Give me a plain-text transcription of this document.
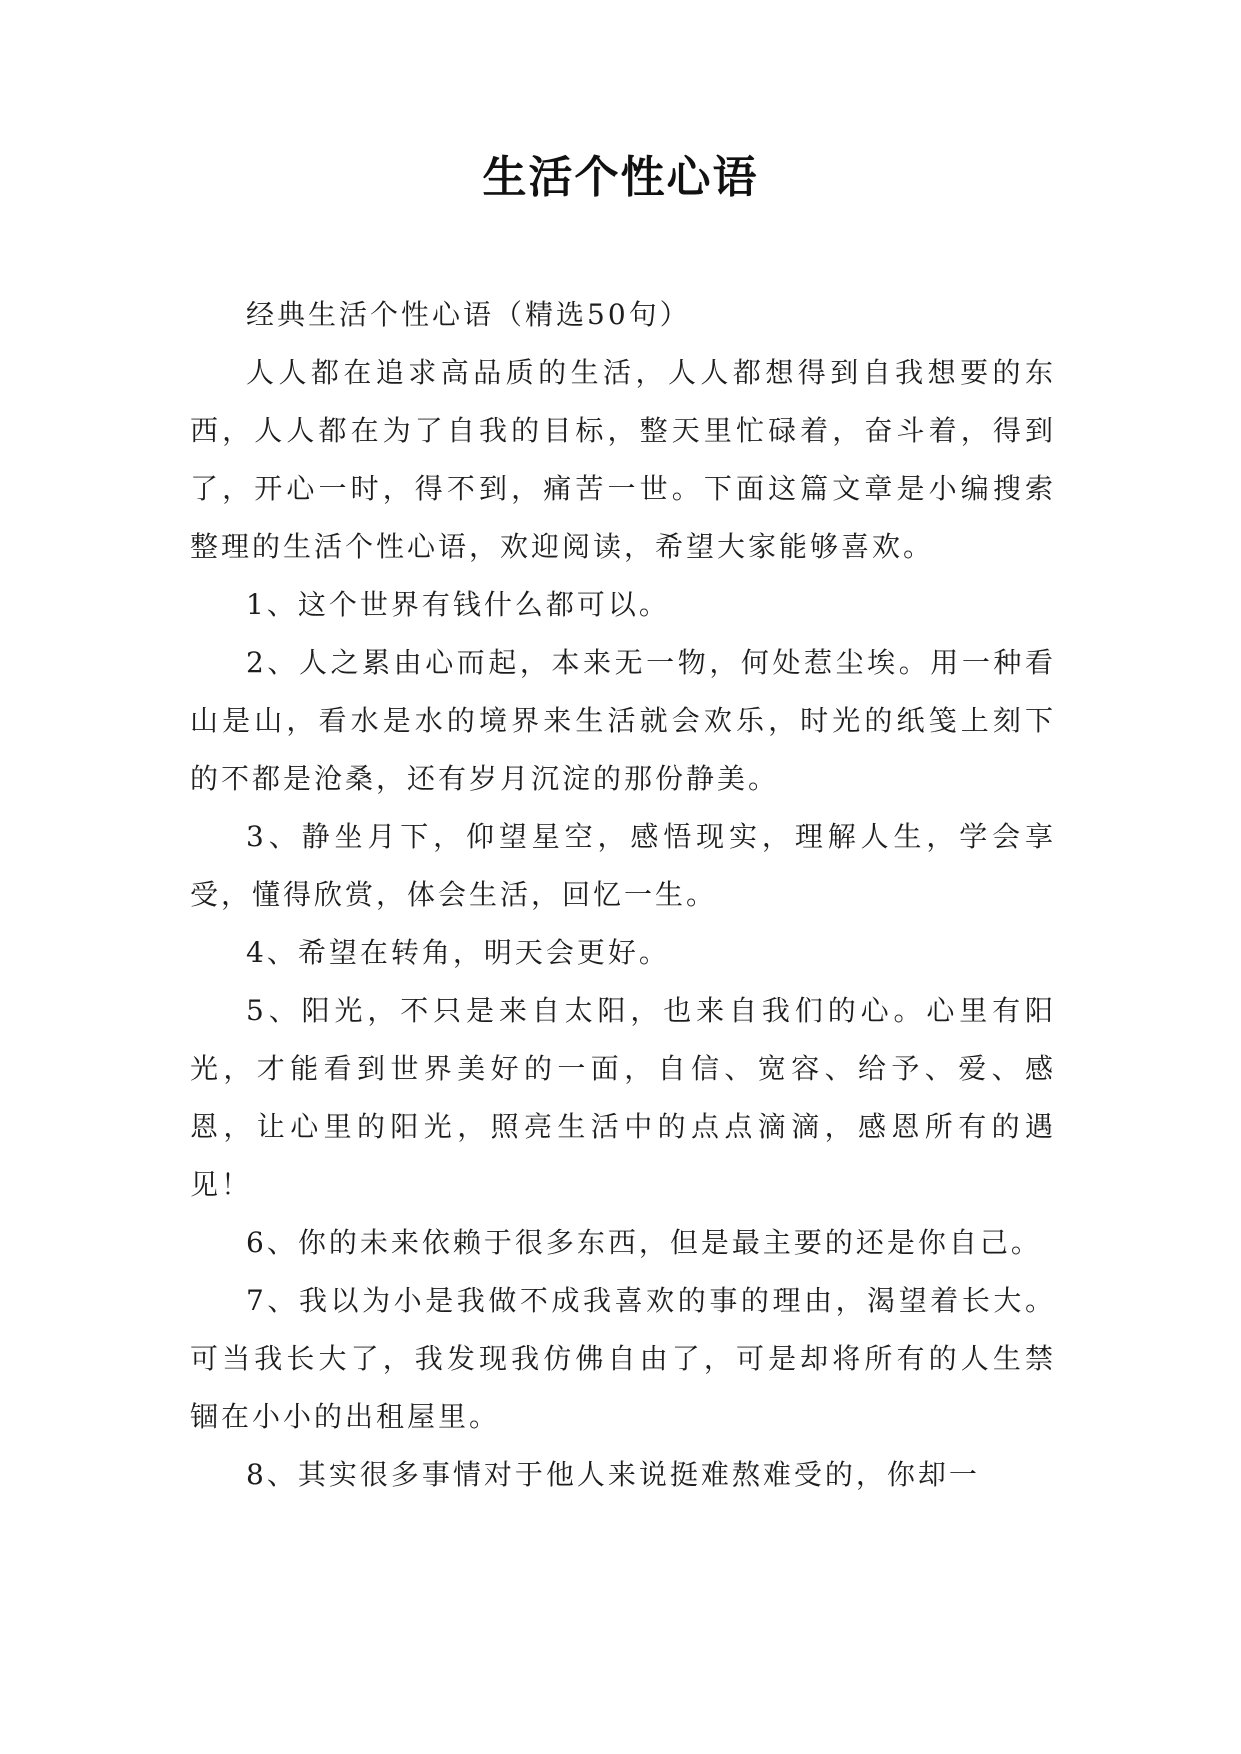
生活个性心语

经典生活个性心语（精选50句）

人人都在追求高品质的生活，人人都想得到自我想要的东西，人人都在为了自我的目标，整天里忙碌着，奋斗着，得到了，开心一时，得不到，痛苦一世。下面这篇文章是小编搜索整理的生活个性心语，欢迎阅读，希望大家能够喜欢。

1、这个世界有钱什么都可以。

2、人之累由心而起，本来无一物，何处惹尘埃。用一种看山是山，看水是水的境界来生活就会欢乐，时光的纸笺上刻下的不都是沧桑，还有岁月沉淀的那份静美。

3、静坐月下，仰望星空，感悟现实，理解人生，学会享受，懂得欣赏，体会生活，回忆一生。

4、希望在转角，明天会更好。

5、阳光，不只是来自太阳，也来自我们的心。心里有阳光，才能看到世界美好的一面，自信、宽容、给予、爱、感恩，让心里的阳光，照亮生活中的点点滴滴，感恩所有的遇见！

6、你的未来依赖于很多东西，但是最主要的还是你自己。

7、我以为小是我做不成我喜欢的事的理由，渴望着长大。可当我长大了，我发现我仿佛自由了，可是却将所有的人生禁锢在小小的出租屋里。

8、其实很多事情对于他人来说挺难熬难受的，你却一
